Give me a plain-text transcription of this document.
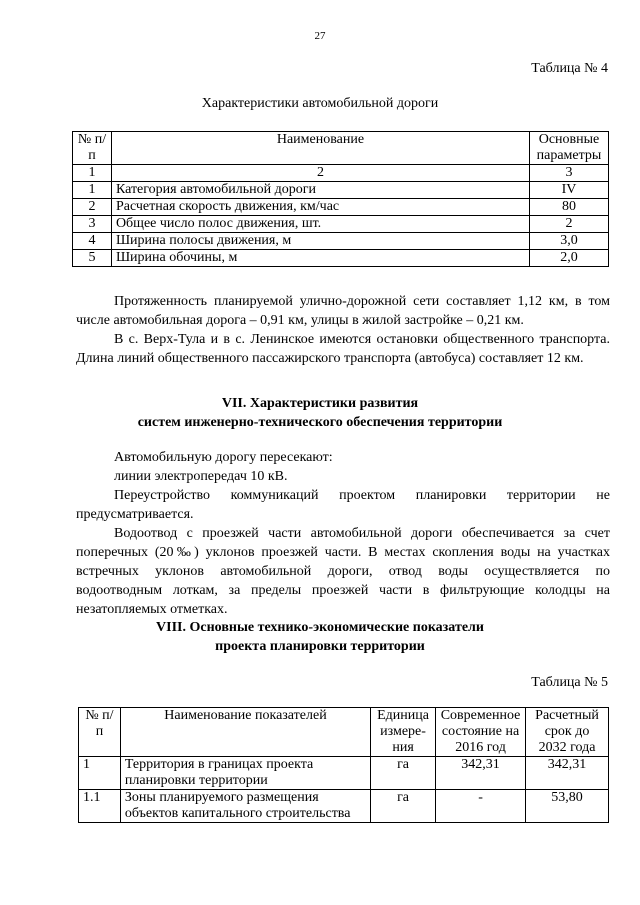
27
Таблица № 4
Характеристики автомобильной дороги
№ п/п	Наименование	Основные параметры
1	2	3
1	Категория автомобильной дороги	IV
2	Расчетная скорость движения, км/час	80
3	Общее число полос движения, шт.	2
4	Ширина полосы движения, м	3,0
5	Ширина обочины, м	2,0
Протяженность планируемой улично-дорожной сети составляет 1,12 км, в том числе автомобильная дорога – 0,91 км, улицы в жилой застройке – 0,21 км.
В с. Верх-Тула и в с. Ленинское имеются остановки общественного транспорта. Длина линий общественного пассажирского транспорта (автобуса) составляет 12 км.
VII. Характеристики развития
систем инженерно-технического обеспечения территории
Автомобильную дорогу пересекают:
линии электропередач 10 кВ.
Переустройство коммуникаций проектом планировки территории не предусматривается.
Водоотвод с проезжей части автомобильной дороги обеспечивается за счет поперечных (20‰) уклонов проезжей части. В местах скопления воды на участках встречных уклонов автомобильной дороги, отвод воды осуществляется по водоотводным лоткам, за пределы проезжей части в фильтрующие колодцы на незатопляемых отметках.
VIII. Основные технико-экономические показатели
проекта планировки территории
Таблица № 5
№ п/п	Наименование показателей	Единица измере-ния	Современное состояние на 2016 год	Расчетный срок до 2032 года
1	Территория в границах проекта планировки территории	га	342,31	342,31
1.1	Зоны планируемого размещения объектов капитального строительства	га	-	53,80
